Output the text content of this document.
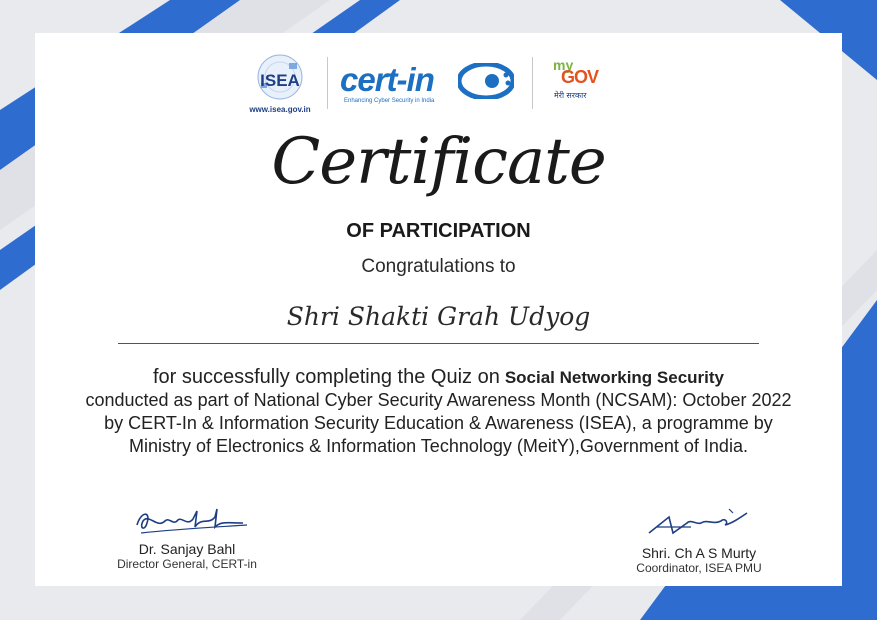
ISEA
www.isea.gov.in
cert-in
Enhancing Cyber Security in India
my
GOV
मेरी सरकार
Certificate
OF PARTICIPATION
Congratulations to
Shri Shakti Grah Udyog
for successfully completing the Quiz on Social Networking Security
conducted as part of National Cyber Security Awareness Month (NCSAM): October 2022 by CERT-In & Information Security Education & Awareness (ISEA), a programme by Ministry of Electronics & Information Technology (MeitY),Government of India.
Dr. Sanjay Bahl
Director General, CERT-in
Shri. Ch A S Murty
Coordinator, ISEA PMU
